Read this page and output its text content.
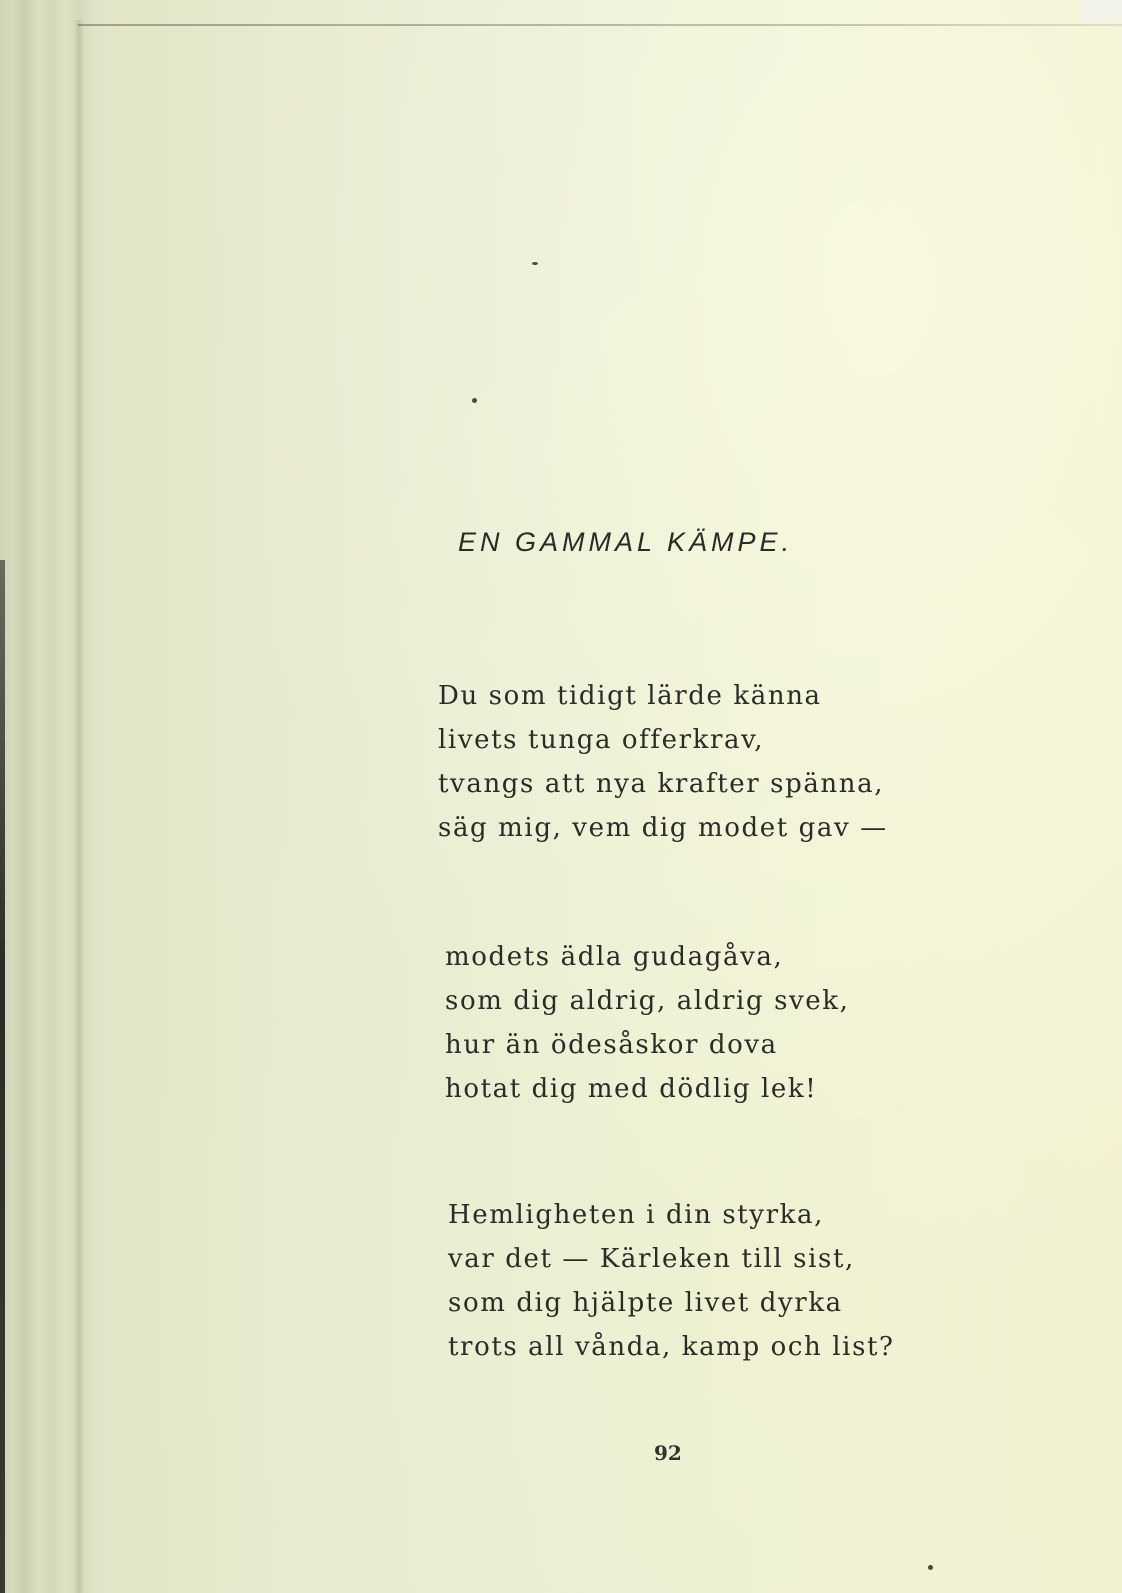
EN GAMMAL KÄMPE.
Du som tidigt lärde känna
livets tunga offerkrav,
tvangs att nya krafter spänna,
säg mig, vem dig modet gav —
modets ädla gudagåva,
som dig aldrig, aldrig svek,
hur än ödesåskor dova
hotat dig med dödlig lek!
Hemligheten i din styrka,
var det — Kärleken till sist,
som dig hjälpte livet dyrka
trots all vånda, kamp och list?

92
